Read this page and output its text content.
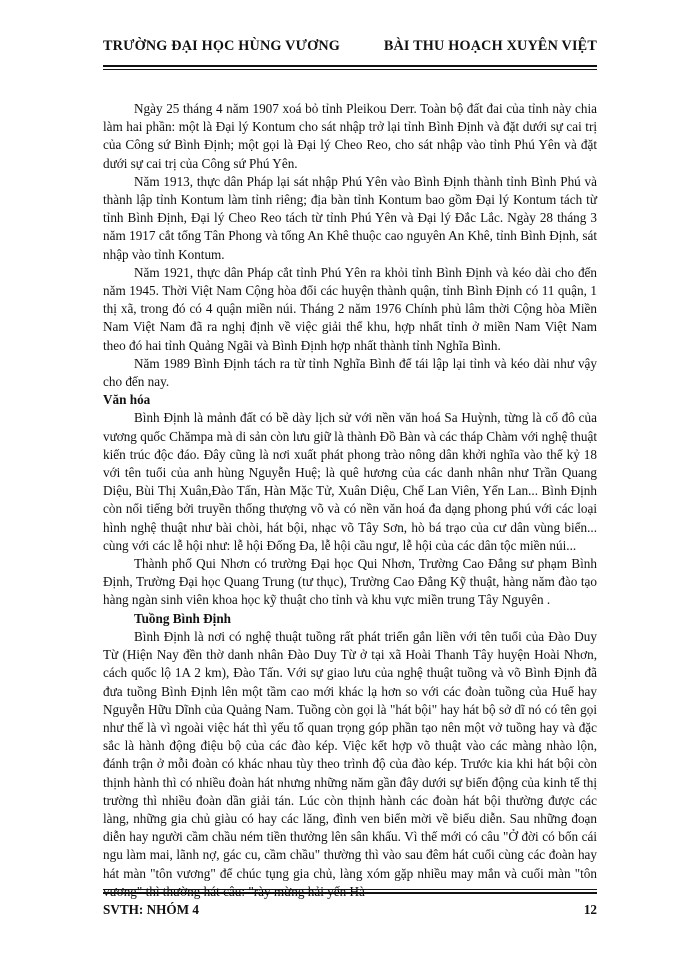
TRƯỜNG ĐẠI HỌC HÙNG VƯƠNG	BÀI THU HOẠCH XUYÊN VIỆT

Ngày 25 tháng 4 năm 1907 xoá bỏ tỉnh Pleikou Derr. Toàn bộ đất đai của tỉnh này chia làm hai phần: một là Đại lý Kontum cho sát nhập trở lại tỉnh Bình Định và đặt dưới sự cai trị của Công sứ Bình Định; một gọi là Đại lý Cheo Reo, cho sát nhập vào tỉnh Phú Yên và đặt dưới sự cai trị của Công sứ Phú Yên.

Năm 1913, thực dân Pháp lại sát nhập Phú Yên vào Bình Định thành tỉnh Bình Phú và thành lập tỉnh Kontum làm tỉnh riêng; địa bàn tỉnh Kontum bao gồm Đại lý Kontum tách từ tỉnh Bình Định, Đại lý Cheo Reo tách từ tỉnh Phú Yên và Đại lý Đắc Lắc. Ngày 28 tháng 3 năm 1917 cắt tổng Tân Phong và tổng An Khê thuộc cao nguyên An Khê, tỉnh Bình Định, sát nhập vào tỉnh Kontum.

Năm 1921, thực dân Pháp cắt tỉnh Phú Yên ra khỏi tỉnh Bình Định và kéo dài cho đến năm 1945. Thời Việt Nam Cộng hòa đổi các huyện thành quận, tỉnh Bình Định có 11 quận, 1 thị xã, trong đó có 4 quận miền núi. Tháng 2 năm 1976 Chính phủ lâm thời Cộng hòa Miền Nam Việt Nam đã ra nghị định về việc giải thể khu, hợp nhất tỉnh ở miền Nam Việt Nam theo đó hai tỉnh Quảng Ngãi và Bình Định hợp nhất thành tỉnh Nghĩa Bình.

Năm 1989 Bình Định tách ra từ tỉnh Nghĩa Bình để tái lập lại tỉnh và kéo dài như vậy cho đến nay.

Văn hóa

Bình Định là mảnh đất có bề dày lịch sử với nền văn hoá Sa Huỳnh, từng là cố đô của vương quốc Chămpa mà di sản còn lưu giữ là thành Đồ Bàn và các tháp Chàm với nghệ thuật kiến trúc độc đáo. Đây cũng là nơi xuất phát phong trào nông dân khởi nghĩa vào thế kỷ 18 với tên tuổi của anh hùng Nguyễn Huệ; là quê hương của các danh nhân như Trần Quang Diệu, Bùi Thị Xuân,Đào Tấn, Hàn Mặc Tử, Xuân Diệu, Chế Lan Viên, Yến Lan... Bình Định còn nổi tiếng bởi truyền thống thượng võ và có nền văn hoá đa dạng phong phú với các loại hình nghệ thuật như bài chòi, hát bội, nhạc võ Tây Sơn, hò bá trạo của cư dân vùng biển... cùng với các lễ hội như: lễ hội Đống Đa, lễ hội cầu ngư, lễ hội của các dân tộc miền núi...

Thành phố Qui Nhơn có trường Đại học Qui Nhơn, Trường Cao Đẳng sư phạm Bình Định, Trường Đại học Quang Trung (tư thục), Trường Cao Đẳng Kỹ thuật, hàng năm đào tạo hàng ngàn sinh viên khoa học kỹ thuật cho tỉnh và khu vực miền trung Tây Nguyên .

Tuồng Bình Định

Bình Định là nơi có nghệ thuật tuồng rất phát triển gắn liền với tên tuổi của Đào Duy Từ (Hiện Nay đền thờ danh nhân Đào Duy Từ ở tại xã Hoài Thanh Tây huyện Hoài Nhơn, cách quốc lộ 1A 2 km), Đào Tấn. Với sự giao lưu của nghệ thuật tuồng và võ Bình Định đã đưa tuồng Bình Định lên một tầm cao mới khác lạ hơn so với các đoàn tuồng của Huế hay Nguyễn Hữu Dĩnh của Quảng Nam. Tuồng còn gọi là "hát bội" hay hát bộ sở dĩ nó có tên gọi như thế là vì ngoài việc hát thì yếu tố quan trọng góp phần tạo nên một vở tuồng hay và đặc sắc là hành động điệu bộ của các đào kép. Việc kết hợp võ thuật vào các màng nhào lộn, đánh trận ở mỗi đoàn có khác nhau tùy theo trình độ của đào kép. Trước kia khi hát bội còn thịnh hành thì có nhiều đoàn hát nhưng những năm gần đây dưới sự biến động của kinh tế thị trường thì nhiều đoàn dần giải tán. Lúc còn thịnh hành các đoàn hát bội thường được các làng, những gia chủ giàu có hay các lăng, đình ven biển mời về biểu diễn. Sau những đoạn diễn hay người cầm chầu ném tiền thưởng lên sân khấu. Vì thế mới có câu "Ở đời có bốn cái ngu làm mai, lãnh nợ, gác cu, cầm chầu" thường thì vào sau đêm hát cuối cùng các đoàn hay hát màn "tôn vương" để chúc tụng gia chủ, làng xóm gặp nhiều may mắn và cuối màn "tôn vương" thì thường hát câu: "rày mừng hải yến Hà

SVTH: NHÓM 4	12
